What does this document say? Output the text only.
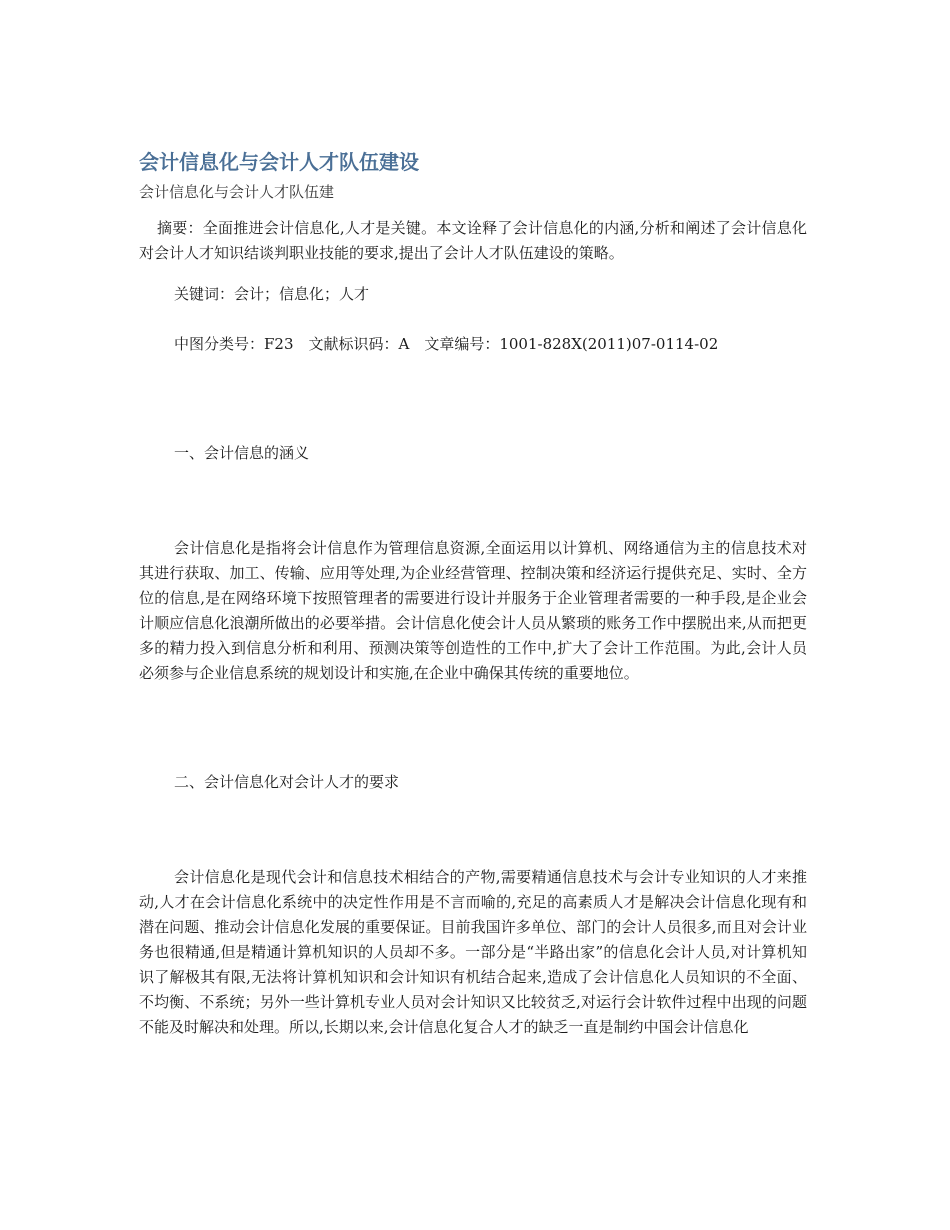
会计信息化与会计人才队伍建设

会计信息化与会计人才队伍建

摘要：全面推进会计信息化,人才是关键。本文诠释了会计信息化的内涵,分析和阐述了会计信息化对会计人才知识结谈判职业技能的要求,提出了会计人才队伍建设的策略。

关键词：会计；信息化；人才

中图分类号：F23　文献标识码：A　文章编号：1001-828X(2011)07-0114-02

一、会计信息的涵义

会计信息化是指将会计信息作为管理信息资源,全面运用以计算机、网络通信为主的信息技术对其进行获取、加工、传输、应用等处理,为企业经营管理、控制决策和经济运行提供充足、实时、全方位的信息,是在网络环境下按照管理者的需要进行设计并服务于企业管理者需要的一种手段,是企业会计顺应信息化浪潮所做出的必要举措。会计信息化使会计人员从繁琐的账务工作中摆脱出来,从而把更多的精力投入到信息分析和利用、预测决策等创造性的工作中,扩大了会计工作范围。为此,会计人员必须参与企业信息系统的规划设计和实施,在企业中确保其传统的重要地位。

二、会计信息化对会计人才的要求

会计信息化是现代会计和信息技术相结合的产物,需要精通信息技术与会计专业知识的人才来推动,人才在会计信息化系统中的决定性作用是不言而喻的,充足的高素质人才是解决会计信息化现有和潜在问题、推动会计信息化发展的重要保证。目前我国许多单位、部门的会计人员很多,而且对会计业务也很精通,但是精通计算机知识的人员却不多。一部分是“半路出家”的信息化会计人员,对计算机知识了解极其有限,无法将计算机知识和会计知识有机结合起来,造成了会计信息化人员知识的不全面、不均衡、不系统；另外一些计算机专业人员对会计知识又比较贫乏,对运行会计软件过程中出现的问题不能及时解决和处理。所以,长期以来,会计信息化复合人才的缺乏一直是制约中国会计信息化
